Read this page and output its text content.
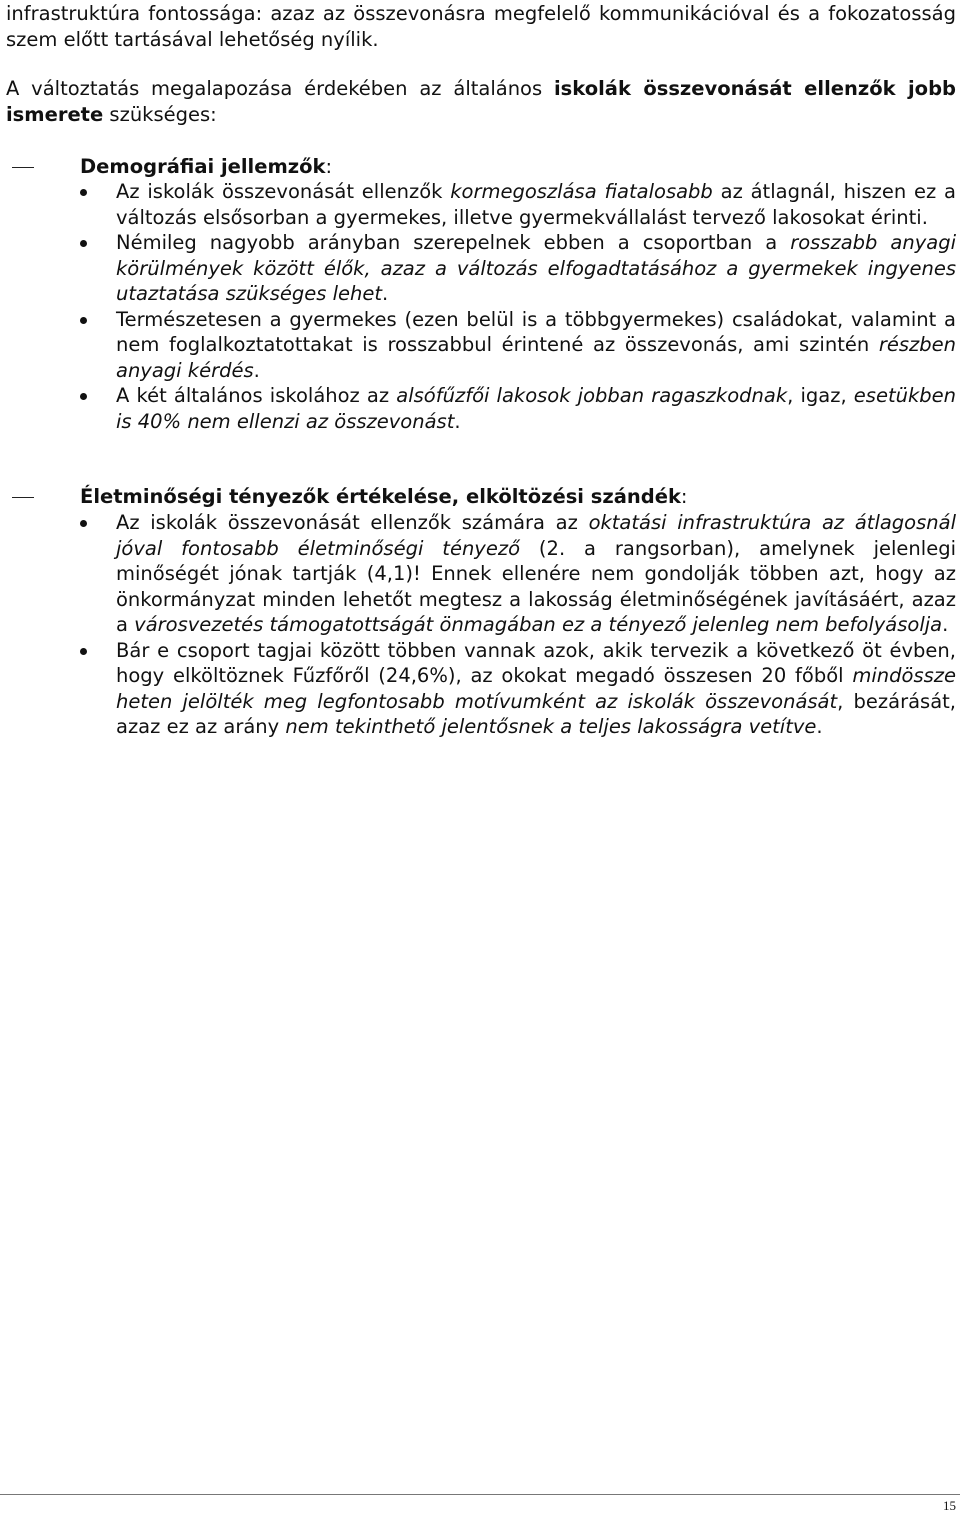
infrastruktúra fontossága: azaz az összevonásra megfelelő kommunikációval és a fokozatosság szem előtt tartásával lehetőség nyílik.

A változtatás megalapozása érdekében az általános iskolák összevonását ellenzők jobb ismerete szükséges:

Demográfiai jellemzők:
Az iskolák összevonását ellenzők kormegoszlása fiatalosabb az átlagnál, hiszen ez a változás elsősorban a gyermekes, illetve gyermekvállalást tervező lakosokat érinti.
Némileg nagyobb arányban szerepelnek ebben a csoportban a rosszabb anyagi körülmények között élők, azaz a változás elfogadtatásához a gyermekek ingyenes utaztatása szükséges lehet.
Természetesen a gyermekes (ezen belül is a többgyermekes) családokat, valamint a nem foglalkoztatottakat is rosszabbul érintené az összevonás, ami szintén részben anyagi kérdés.
A két általános iskolához az alsófűzfői lakosok jobban ragaszkodnak, igaz, esetükben is 40% nem ellenzi az összevonást.
Életminőségi tényezők értékelése, elköltözési szándék:
Az iskolák összevonását ellenzők számára az oktatási infrastruktúra az átlagosnál jóval fontosabb életminőségi tényező (2. a rangsorban), amelynek jelenlegi minőségét jónak tartják (4,1)! Ennek ellenére nem gondolják többen azt, hogy az önkormányzat minden lehetőt megtesz a lakosság életminőségének javításáért, azaz a városvezetés támogatottságát önmagában ez a tényező jelenleg nem befolyásolja.
Bár e csoport tagjai között többen vannak azok, akik tervezik a következő öt évben, hogy elköltöznek Fűzfőről (24,6%), az okokat megadó összesen 20 főből mindössze heten jelölték meg legfontosabb motívumként az iskolák összevonását, bezárását, azaz ez az arány nem tekinthető jelentősnek a teljes lakosságra vetítve.
15
